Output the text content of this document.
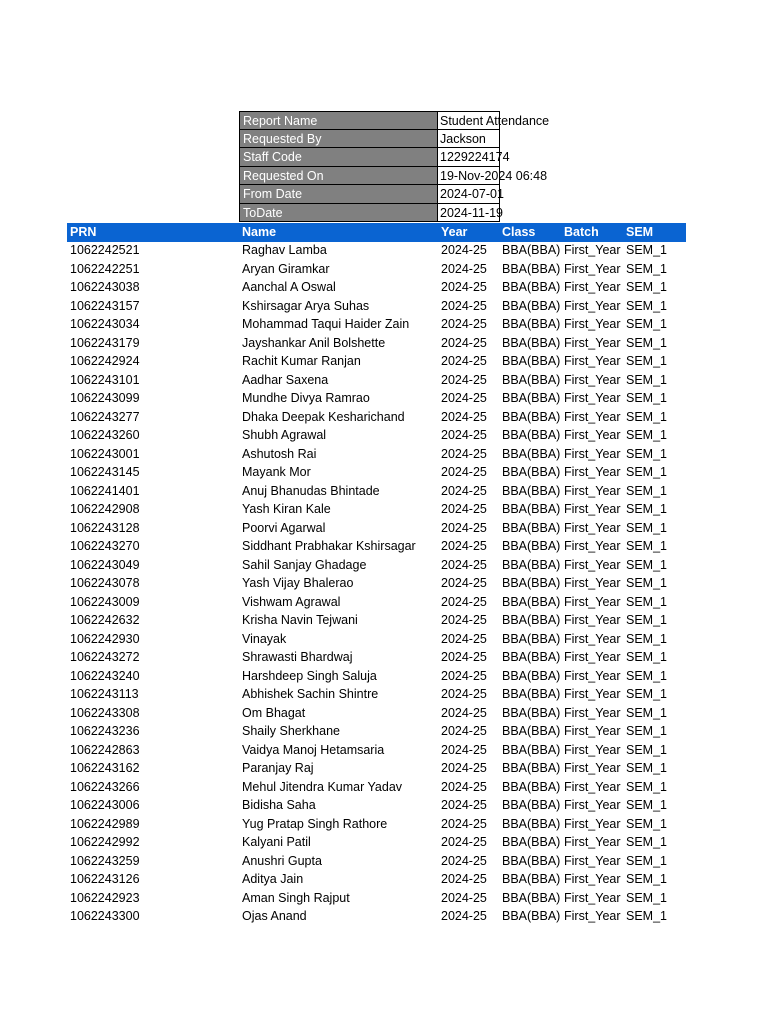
Report Name	Student Attendance
Requested By	Jackson
Staff Code	1229224174
Requested On	19-Nov-2024 06:48
From Date	2024-07-01
ToDate	2024-11-19
PRN	Name	Year	Class Batch SEM
1062242521	Raghav Lamba	2024-25 BBA(BBA) First_Year SEM_1
1062242251	Aryan Giramkar	2024-25 BBA(BBA) First_Year SEM_1
1062243038	Aanchal A Oswal	2024-25 BBA(BBA) First_Year SEM_1
1062243157	Kshirsagar Arya Suhas	2024-25 BBA(BBA) First_Year SEM_1
1062243034	Mohammad Taqui Haider Zain	2024-25 BBA(BBA) First_Year SEM_1
1062243179	Jayshankar Anil Bolshette	2024-25 BBA(BBA) First_Year SEM_1
1062242924	Rachit Kumar Ranjan	2024-25 BBA(BBA) First_Year SEM_1
1062243101	Aadhar Saxena	2024-25 BBA(BBA) First_Year SEM_1
1062243099	Mundhe Divya Ramrao	2024-25 BBA(BBA) First_Year SEM_1
1062243277	Dhaka Deepak Kesharichand	2024-25 BBA(BBA) First_Year SEM_1
1062243260	Shubh Agrawal	2024-25 BBA(BBA) First_Year SEM_1
1062243001	Ashutosh Rai	2024-25 BBA(BBA) First_Year SEM_1
1062243145	Mayank Mor	2024-25 BBA(BBA) First_Year SEM_1
1062241401	Anuj Bhanudas Bhintade	2024-25 BBA(BBA) First_Year SEM_1
1062242908	Yash Kiran Kale	2024-25 BBA(BBA) First_Year SEM_1
1062243128	Poorvi Agarwal	2024-25 BBA(BBA) First_Year SEM_1
1062243270	Siddhant Prabhakar Kshirsagar 2024-25 BBA(BBA) First_Year SEM_1
1062243049	Sahil Sanjay Ghadage	2024-25 BBA(BBA) First_Year SEM_1
1062243078	Yash Vijay Bhalerao	2024-25 BBA(BBA) First_Year SEM_1
1062243009	Vishwam Agrawal	2024-25 BBA(BBA) First_Year SEM_1
1062242632	Krisha Navin Tejwani	2024-25 BBA(BBA) First_Year SEM_1
1062242930	Vinayak	2024-25 BBA(BBA) First_Year SEM_1
1062243272	Shrawasti Bhardwaj	2024-25 BBA(BBA) First_Year SEM_1
1062243240	Harshdeep Singh Saluja	2024-25 BBA(BBA) First_Year SEM_1
1062243113	Abhishek Sachin Shintre	2024-25 BBA(BBA) First_Year SEM_1
1062243308	Om Bhagat	2024-25 BBA(BBA) First_Year SEM_1
1062243236	Shaily Sherkhane	2024-25 BBA(BBA) First_Year SEM_1
1062242863	Vaidya Manoj Hetamsaria	2024-25 BBA(BBA) First_Year SEM_1
1062243162	Paranjay Raj	2024-25 BBA(BBA) First_Year SEM_1
1062243266	Mehul Jitendra Kumar Yadav	2024-25 BBA(BBA) First_Year SEM_1
1062243006	Bidisha Saha	2024-25 BBA(BBA) First_Year SEM_1
1062242989	Yug Pratap Singh Rathore	2024-25 BBA(BBA) First_Year SEM_1
1062242992	Kalyani Patil	2024-25 BBA(BBA) First_Year SEM_1
1062243259	Anushri Gupta	2024-25 BBA(BBA) First_Year SEM_1
1062243126	Aditya Jain	2024-25 BBA(BBA) First_Year SEM_1
1062242923	Aman Singh Rajput	2024-25 BBA(BBA) First_Year SEM_1
1062243300	Ojas Anand	2024-25 BBA(BBA) First_Year SEM_1
